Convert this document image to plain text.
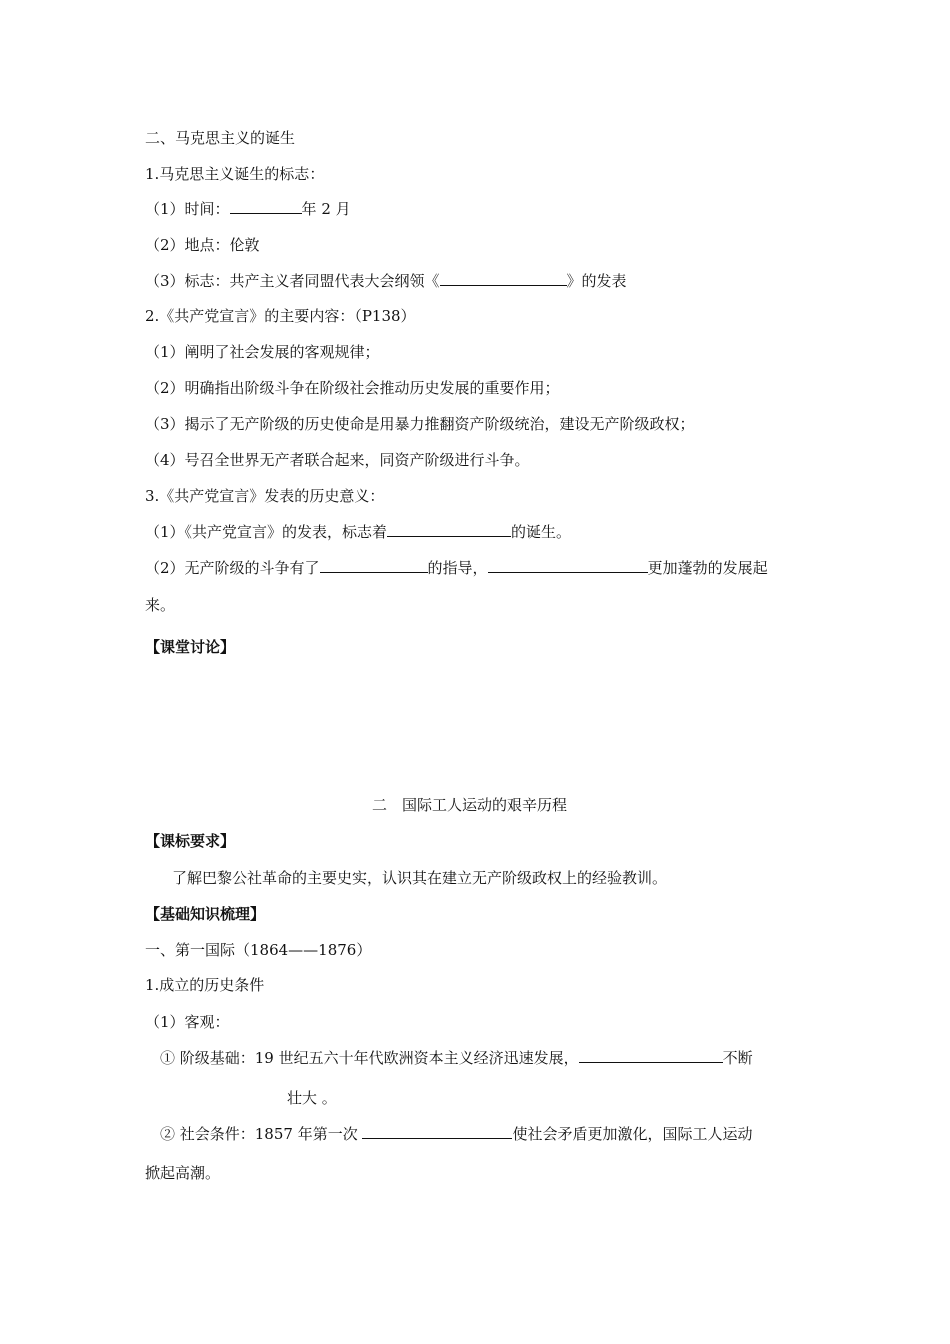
二、马克思主义的诞生
1.马克思主义诞生的标志：
（1）时间：	年 2 月
（2）地点：伦敦
（3）标志：共产主义者同盟代表大会纲领《	》的发表
2.《共产党宣言》的主要内容：（P138）
（1）阐明了社会发展的客观规律；
（2）明确指出阶级斗争在阶级社会推动历史发展的重要作用；
（3）揭示了无产阶级的历史使命是用暴力推翻资产阶级统治，建设无产阶级政权；
（4）号召全世界无产者联合起来，同资产阶级进行斗争。
3.《共产党宣言》发表的历史意义：
（1）《共产党宣言》的发表，标志着	的诞生。
（2）无产阶级的斗争有了	的指导，	更加蓬勃的发展起
来。
【课堂讨论】
二　国际工人运动的艰辛历程
【课标要求】
了解巴黎公社革命的主要史实，认识其在建立无产阶级政权上的经验教训。
【基础知识梳理】
一、第一国际（1864——1876）
1.成立的历史条件
（1）客观：
① 阶级基础：19 世纪五六十年代欧洲资本主义经济迅速发展，	不断
壮大 。
② 社会条件：1857 年第一次	使社会矛盾更加激化，国际工人运动
掀起高潮。
